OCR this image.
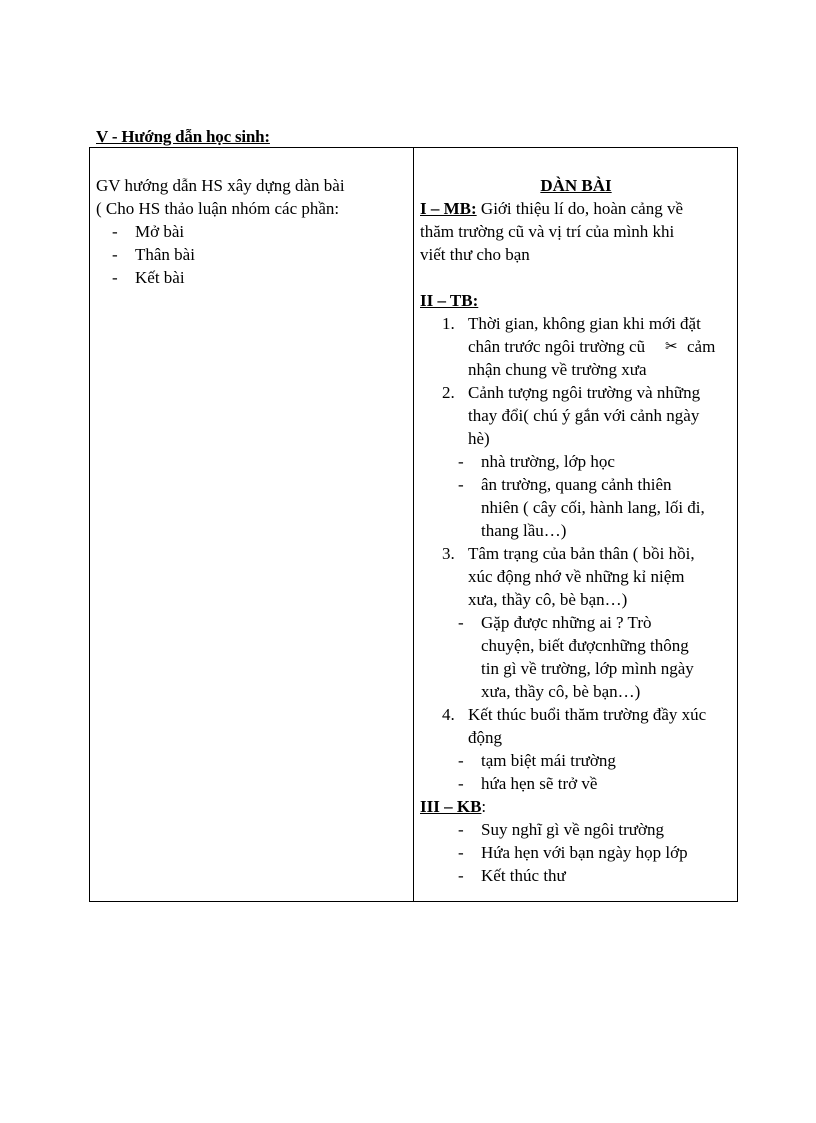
V - Hướng dẫn học sinh:
GV hướng dẫn HS xây dựng dàn bài
( Cho HS thảo luận nhóm các phần:
- Mở bài
- Thân bài
- Kết bài
DÀN BÀI
I – MB: Giới thiệu lí do, hoàn cảng về
thăm trường cũ và vị trí của mình khi
viết thư cho bạn
II – TB:
1. Thời gian, không gian khi mới đặt
chân trước ngôi trường cũ ✂ cảm
nhận chung về trường xưa
2. Cảnh tượng ngôi trường và những
thay đổi( chú ý gắn với cảnh ngày
hè)
- nhà trường, lớp học
- ân trường, quang cảnh thiên
nhiên ( cây cối, hành lang, lối đi,
thang lầu…)
3. Tâm trạng của bản thân ( bồi hồi,
xúc động nhớ về những kỉ niệm
xưa, thầy cô, bè bạn…)
- Gặp được những ai ? Trò
chuyện, biết đượcnhững thông
tin gì về trường, lớp mình ngày
xưa, thầy cô, bè bạn…)
4. Kết thúc buổi thăm trường đầy xúc
động
- tạm biệt mái trường
- hứa hẹn sẽ trở về
III – KB:
- Suy nghĩ gì về ngôi trường
- Hứa hẹn với bạn ngày họp lớp
- Kết thúc thư
